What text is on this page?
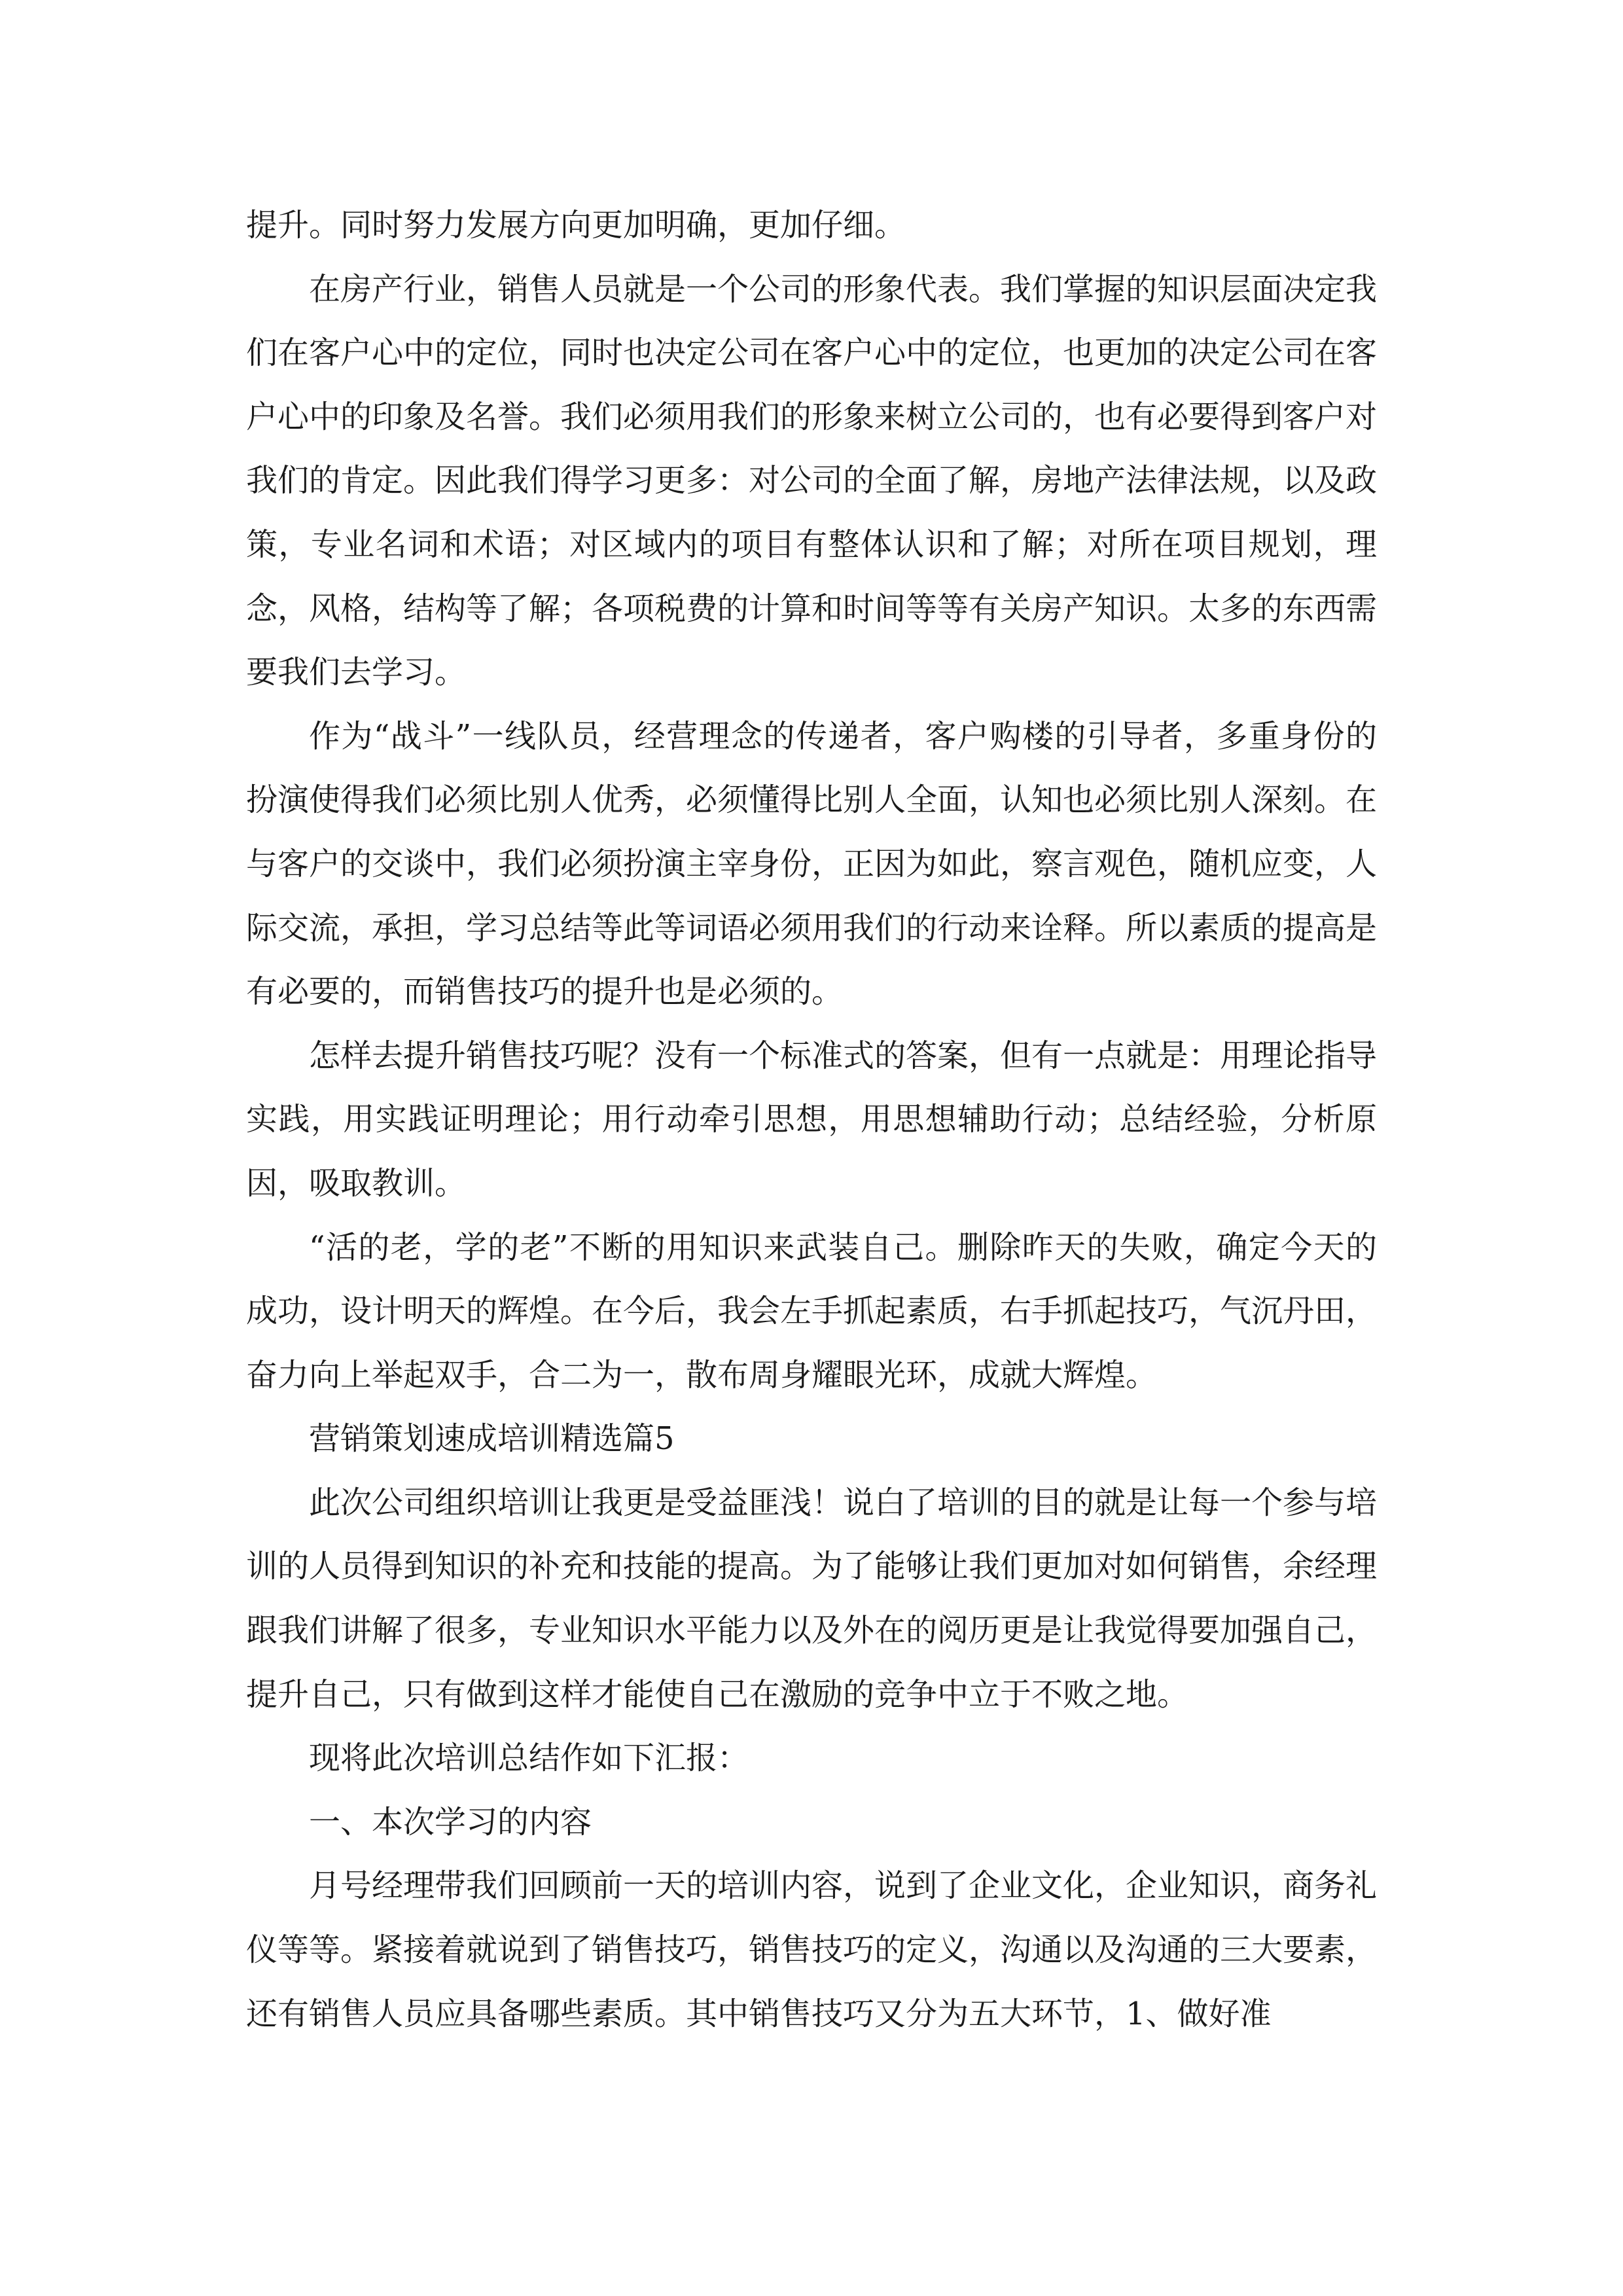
提升。同时努力发展方向更加明确，更加仔细。

在房产行业，销售人员就是一个公司的形象代表。我们掌握的知识层面决定我们在客户心中的定位，同时也决定公司在客户心中的定位，也更加的决定公司在客户心中的印象及名誉。我们必须用我们的形象来树立公司的，也有必要得到客户对我们的肯定。因此我们得学习更多：对公司的全面了解，房地产法律法规，以及政策，专业名词和术语；对区域内的项目有整体认识和了解；对所在项目规划，理念，风格，结构等了解；各项税费的计算和时间等等有关房产知识。太多的东西需要我们去学习。

作为“战斗”一线队员，经营理念的传递者，客户购楼的引导者，多重身份的扮演使得我们必须比别人优秀，必须懂得比别人全面，认知也必须比别人深刻。在与客户的交谈中，我们必须扮演主宰身份，正因为如此，察言观色，随机应变，人际交流，承担，学习总结等此等词语必须用我们的行动来诠释。所以素质的提高是有必要的，而销售技巧的提升也是必须的。

怎样去提升销售技巧呢？没有一个标准式的答案，但有一点就是：用理论指导实践，用实践证明理论；用行动牵引思想，用思想辅助行动；总结经验，分析原因，吸取教训。

“活的老，学的老”不断的用知识来武装自己。删除昨天的失败，确定今天的成功，设计明天的辉煌。在今后，我会左手抓起素质，右手抓起技巧，气沉丹田，奋力向上举起双手，合二为一，散布周身耀眼光环，成就大辉煌。

营销策划速成培训精选篇5

此次公司组织培训让我更是受益匪浅！说白了培训的目的就是让每一个参与培训的人员得到知识的补充和技能的提高。为了能够让我们更加对如何销售，余经理跟我们讲解了很多，专业知识水平能力以及外在的阅历更是让我觉得要加强自己，提升自己，只有做到这样才能使自己在激励的竞争中立于不败之地。

现将此次培训总结作如下汇报：

一、本次学习的内容

月号经理带我们回顾前一天的培训内容，说到了企业文化，企业知识，商务礼仪等等。紧接着就说到了销售技巧，销售技巧的定义，沟通以及沟通的三大要素，还有销售人员应具备哪些素质。其中销售技巧又分为五大环节，1、做好准
